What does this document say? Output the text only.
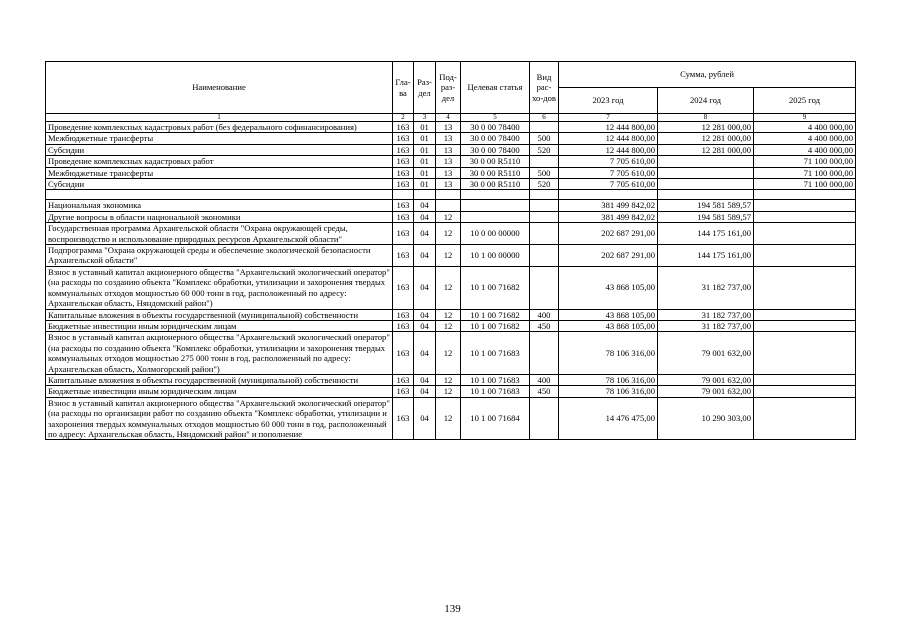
Наименование	Гла-ва	Раз-дел	Под-раз-дел	Целевая статья	Вид рас-хо-дов	Сумма, рублей		
						2023 год	2024 год	2025 год
1	2	3	4	5	6	7	8	9
Проведение комплексных кадастровых работ (без федерального софинансирования)	163	01	13	30 0 00 78400		12 444 800,00	12 281 000,00	4 400 000,00
Межбюджетные трансферты	163	01	13	30 0 00 78400	500	12 444 800,00	12 281 000,00	4 400 000,00
Субсидии	163	01	13	30 0 00 78400	520	12 444 800,00	12 281 000,00	4 400 000,00
Проведение комплексных кадастровых работ	163	01	13	30 0 00 R5110		7 705 610,00		71 100 000,00
Межбюджетные трансферты	163	01	13	30 0 00 R5110	500	7 705 610,00		71 100 000,00
Субсидии	163	01	13	30 0 00 R5110	520	7 705 610,00		71 100 000,00

Национальная экономика	163	04				381 499 842,02	194 581 589,57	
Другие вопросы в области национальной экономики	163	04	12			381 499 842,02	194 581 589,57	
Государственная программа Архангельской области "Охрана окружающей среды, воспроизводство и использование природных ресурсов Архангельской области"	163	04	12	10 0 00 00000		202 687 291,00	144 175 161,00	
Подпрограмма "Охрана окружающей среды и обеспечение экологической безопасности Архангельской области"	163	04	12	10 1 00 00000		202 687 291,00	144 175 161,00	
Взнос в уставный капитал акционерного общества "Архангельский экологический оператор" (на расходы по созданию объекта "Комплекс обработки, утилизации и захоронения твердых коммунальных отходов мощностью 60 000 тонн в год, расположенный по адресу: Архангельская область, Няндомский район")	163	04	12	10 1 00 71682		43 868 105,00	31 182 737,00	
Капитальные вложения в объекты государственной (муниципальной) собственности	163	04	12	10 1 00 71682	400	43 868 105,00	31 182 737,00	
Бюджетные инвестиции иным юридическим лицам	163	04	12	10 1 00 71682	450	43 868 105,00	31 182 737,00	
Взнос в уставный капитал акционерного общества "Архангельский экологический оператор" (на расходы по созданию объекта "Комплекс обработки, утилизации и захоронения твердых коммунальных отходов мощностью 275 000 тонн в год, расположенный по адресу: Архангельская область, Холмогорский район")	163	04	12	10 1 00 71683		78 106 316,00	79 001 632,00	
Капитальные вложения в объекты государственной (муниципальной) собственности	163	04	12	10 1 00 71683	400	78 106 316,00	79 001 632,00	
Бюджетные инвестиции иным юридическим лицам	163	04	12	10 1 00 71683	450	78 106 316,00	79 001 632,00	
Взнос в уставный капитал акционерного общества "Архангельский экологический оператор" (на расходы по организации работ по созданию объекта "Комплекс обработки, утилизации и захоронения твердых коммунальных отходов мощностью 60 000 тонн в год, расположенный по адресу: Архангельская область, Няндомский район" и пополнение	163	04	12	10 1 00 71684		14 476 475,00	10 290 303,00	
139
